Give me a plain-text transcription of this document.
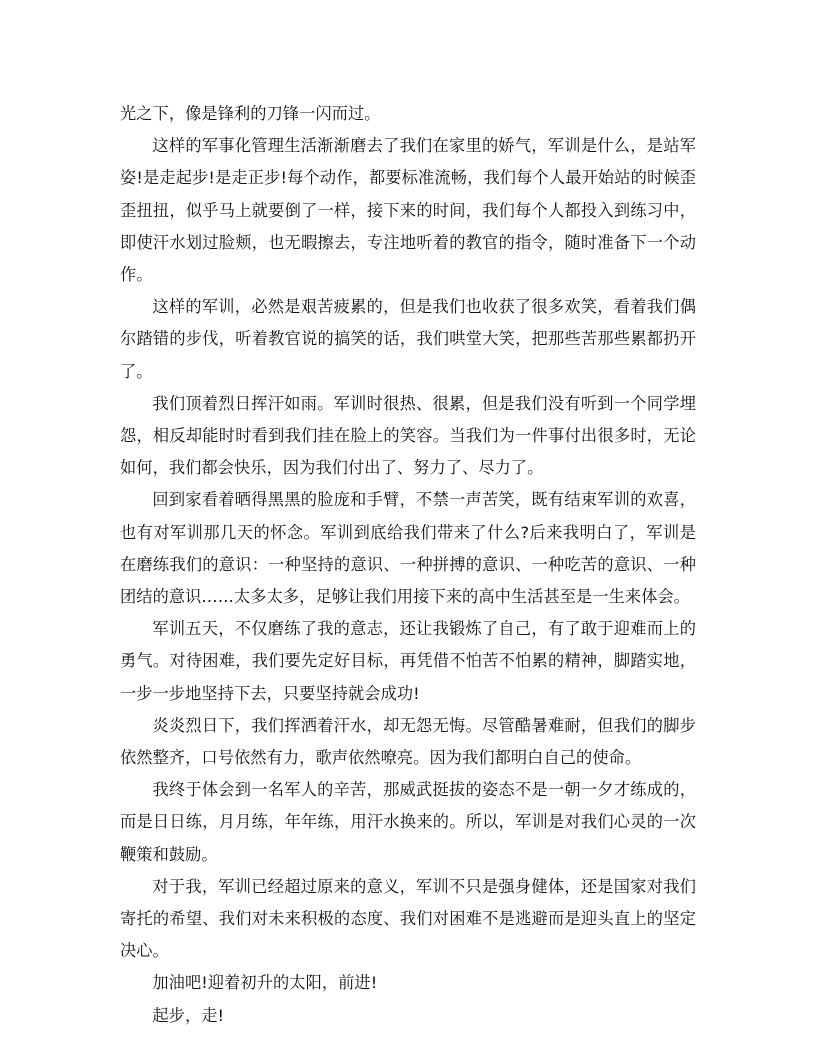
光之下，像是锋利的刀锋一闪而过。

这样的军事化管理生活渐渐磨去了我们在家里的娇气，军训是什么，是站军姿!是走起步!是走正步!每个动作，都要标准流畅，我们每个人最开始站的时候歪歪扭扭，似乎马上就要倒了一样，接下来的时间，我们每个人都投入到练习中，即使汗水划过脸颊，也无暇擦去，专注地听着的教官的指令，随时准备下一个动作。

这样的军训，必然是艰苦疲累的，但是我们也收获了很多欢笑，看着我们偶尔踏错的步伐，听着教官说的搞笑的话，我们哄堂大笑，把那些苦那些累都扔开了。

我们顶着烈日挥汗如雨。军训时很热、很累，但是我们没有听到一个同学埋怨，相反却能时时看到我们挂在脸上的笑容。当我们为一件事付出很多时，无论如何，我们都会快乐，因为我们付出了、努力了、尽力了。

回到家看着晒得黑黑的脸庞和手臂，不禁一声苦笑，既有结束军训的欢喜，也有对军训那几天的怀念。军训到底给我们带来了什么?后来我明白了，军训是在磨练我们的意识：一种坚持的意识、一种拼搏的意识、一种吃苦的意识、一种团结的意识……太多太多，足够让我们用接下来的高中生活甚至是一生来体会。

军训五天，不仅磨练了我的意志，还让我锻炼了自己，有了敢于迎难而上的勇气。对待困难，我们要先定好目标，再凭借不怕苦不怕累的精神，脚踏实地，一步一步地坚持下去，只要坚持就会成功!

炎炎烈日下，我们挥洒着汗水，却无怨无悔。尽管酷暑难耐，但我们的脚步依然整齐，口号依然有力，歌声依然嘹亮。因为我们都明白自己的使命。

我终于体会到一名军人的辛苦，那威武挺拔的姿态不是一朝一夕才练成的，而是日日练，月月练，年年练，用汗水换来的。所以，军训是对我们心灵的一次鞭策和鼓励。

对于我，军训已经超过原来的意义，军训不只是强身健体，还是国家对我们寄托的希望、我们对未来积极的态度、我们对困难不是逃避而是迎头直上的坚定决心。

加油吧!迎着初升的太阳，前进!

起步，走!
